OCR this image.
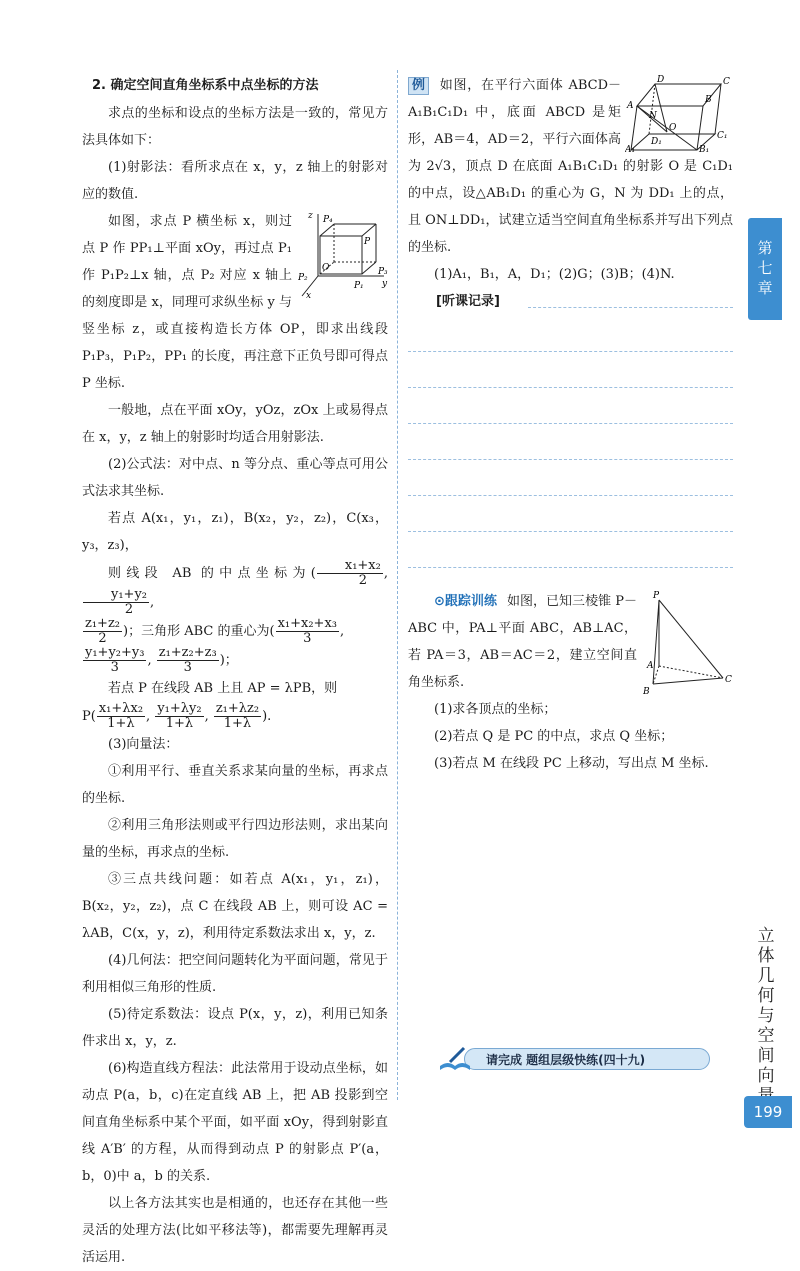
2. 确定空间直角坐标系中点坐标的方法

求点的坐标和设点的坐标方法是一致的，常见方法具体如下：

(1)射影法：看所求点在 x，y，z 轴上的射影对应的数值.

z P₄
P
P₃
y
O
P₂
P₁
x

如图，求点 P 横坐标 x，则过点 P 作 PP₁⊥平面 xOy，再过点 P₁ 作 P₁P₂⊥x 轴，点 P₂ 对应 x 轴上的刻度即是 x，同理可求纵坐标 y 与竖坐标 z，或直接构造长方体 OP，即求出线段 P₁P₃，P₁P₂，PP₁ 的长度，再注意下正负号即可得点 P 坐标.

一般地，点在平面 xOy，yOz，zOx 上或易得点在 x，y，z 轴上的射影时均适合用射影法.

(2)公式法：对中点、n 等分点、重心等点可用公式法求其坐标.

若点 A(x₁，y₁，z₁)，B(x₂，y₂，z₂)，C(x₃，y₃，z₃)，

则线段 AB 的中点坐标为( $\frac{\text{x₁+x₂}}{2}$ ,
$\frac{\text{y₁+y₂}}{2}$ ,

$\frac{\text{z₁+z₂}}{2}$ )；三角形 ABC 的重心为( $\frac{\text{x₁+x₂+x₃}}{3}$ ,

$\frac{\text{y₁+y₂+y₃}}{3}$ , $\frac{\text{z₁+z₂+z₃}}{3}$ )；

若点 P 在线段 AB 上且 AP = λPB，则

$P( \frac{\text{x₁+λx₂}}{1+\lambda}$ , $\frac{\text{y₁+λy₂}}{1+\lambda}$ , $\frac{\text{z₁+λz₂}}{1+\lambda}$ ).

(3)向量法：

①利用平行、垂直关系求某向量的坐标，再求点的坐标.

②利用三角形法则或平行四边形法则，求出某向量的坐标，再求点的坐标.

③三点共线问题：如若点 A(x₁，y₁，z₁)，B(x₂，y₂，z₂)，点 C 在线段 AB 上，则可设 AC = λAB，C(x，y，z)，利用待定系数法求出 x，y，z.

(4)几何法：把空间问题转化为平面问题，常见于利用相似三角形的性质.

(5)待定系数法：设点 P(x，y，z)，利用已知条件求出 x，y，z.

(6)构造直线方程法：此法常用于设动点坐标，如动点 P(a，b，c)在定直线 AB 上，把 AB 投影到空间直角坐标系中某个平面，如平面 xOy，得到射影直线 A′B′ 的方程，从而得到动点 P 的射影点 P′(a，b，0)中 a，b 的关系.

以上各方法其实也是相通的，也还存在其他一些灵活的处理方法(比如平移法等)，都需要先理解再灵活运用.

D	C
B
A
N
O
D₁
C₁
A₁	B₁

例 如图，在平行六面体 ABCD－A₁B₁C₁D₁ 中，底面 ABCD 是矩形，AB＝4，AD＝2，平行六面体高为 2√3，顶点 D 在底面 A₁B₁C₁D₁ 的射影 O 是 C₁D₁ 的中点，设△AB₁D₁ 的重心为 G，N 为 DD₁ 上的点，且 ON⊥DD₁，试建立适当空间直角坐标系并写出下列点的坐标.

(1)A₁，B₁，A，D₁；(2)G；(3)B；(4)N.

[听课记录]
P
A
B
C

⊙跟踪训练 如图，已知三棱锥 P－ABC 中，PA⊥平面 ABC，AB⊥AC，若 PA＝3，AB＝AC＝2，建立空间直角坐标系.

(1)求各顶点的坐标；

(2)若点 Q 是 PC 的中点，求点 Q 坐标；

(3)若点 M 在线段 PC 上移动，写出点 M 坐标.

第七章
立体几何与空间向
199
请完成 题组层级快练(四十九)
